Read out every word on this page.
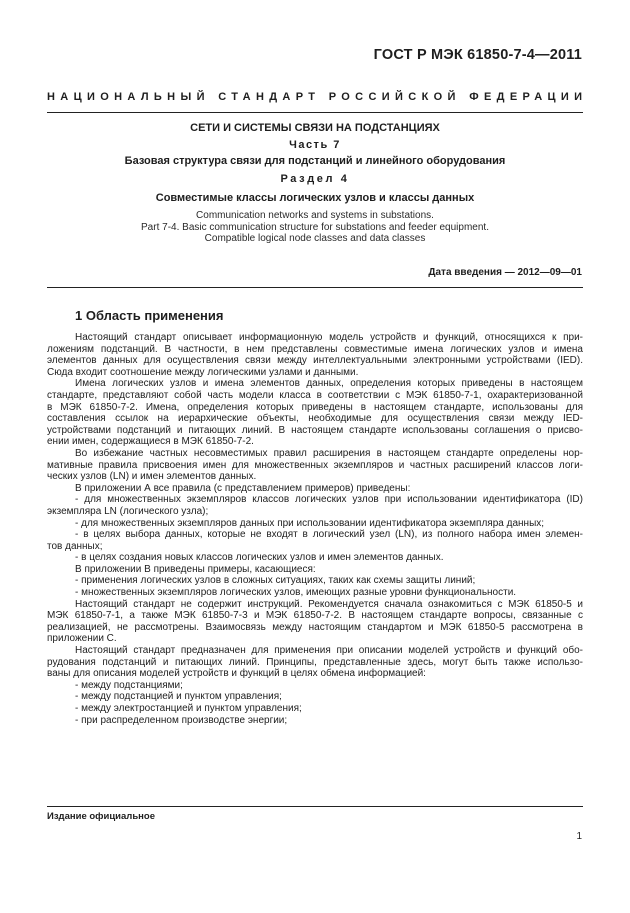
ГОСТ Р МЭК 61850-7-4—2011
НАЦИОНАЛЬНЫЙ СТАНДАРТ РОССИЙСКОЙ ФЕДЕРАЦИИ
СЕТИ И СИСТЕМЫ СВЯЗИ НА ПОДСТАНЦИЯХ
Часть 7
Базовая структура связи для подстанций и линейного оборудования
Раздел 4
Совместимые классы логических узлов и классы данных
Communication networks and systems in substations.
Part 7-4. Basic communication structure for substations and feeder equipment.
Compatible logical node classes and data classes
Дата введения — 2012—09—01
1 Область применения
Настоящий стандарт описывает информационную модель устройств и функций, относящихся к при-
ложениям подстанций. В частности, в нем представлены совместимые имена логических узлов и имена
элементов данных для осуществления связи между интеллектуальными электронными устройствами (IED).
Сюда входит соотношение между логическими узлами и данными.
Имена логических узлов и имена элементов данных, определения которых приведены в настоящем
стандарте, представляют собой часть модели класса в соответствии с МЭК 61850-7-1, охарактеризованной
в МЭК 61850-7-2. Имена, определения которых приведены в настоящем стандарте, использованы для
составления ссылок на иерархические объекты, необходимые для осуществления связи между IED-
устройствами подстанций и питающих линий. В настоящем стандарте использованы соглашения о присво-
ении имен, содержащиеся в МЭК 61850-7-2.
Во избежание частных несовместимых правил расширения в настоящем стандарте определены нор-
мативные правила присвоения имен для множественных экземпляров и частных расширений классов логи-
ческих узлов (LN) и имен элементов данных.
В приложении А все правила (с представлением примеров) приведены:
- для множественных экземпляров классов логических узлов при использовании идентификатора (ID)
экземпляра LN (логического узла);
- для множественных экземпляров данных при использовании идентификатора экземпляра данных;
- в целях выбора данных, которые не входят в логический узел (LN), из полного набора имен элемен-
тов данных;
- в целях создания новых классов логических узлов и имен элементов данных.
В приложении В приведены примеры, касающиеся:
- применения логических узлов в сложных ситуациях, таких как схемы защиты линий;
- множественных экземпляров логических узлов, имеющих разные уровни функциональности.
Настоящий стандарт не содержит инструкций. Рекомендуется сначала ознакомиться с МЭК 61850-5 и
МЭК 61850-7-1, а также МЭК 61850-7-3 и МЭК 61850-7-2. В настоящем стандарте вопросы, связанные с
реализацией, не рассмотрены. Взаимосвязь между настоящим стандартом и МЭК 61850-5 рассмотрена в
приложении С.
Настоящий стандарт предназначен для применения при описании моделей устройств и функций обо-
рудования подстанций и питающих линий. Принципы, представленные здесь, могут быть также использо-
ваны для описания моделей устройств и функций в целях обмена информацией:
- между подстанциями;
- между подстанцией и пунктом управления;
- между электростанцией и пунктом управления;
- при распределенном производстве энергии;
Издание официальное
1
